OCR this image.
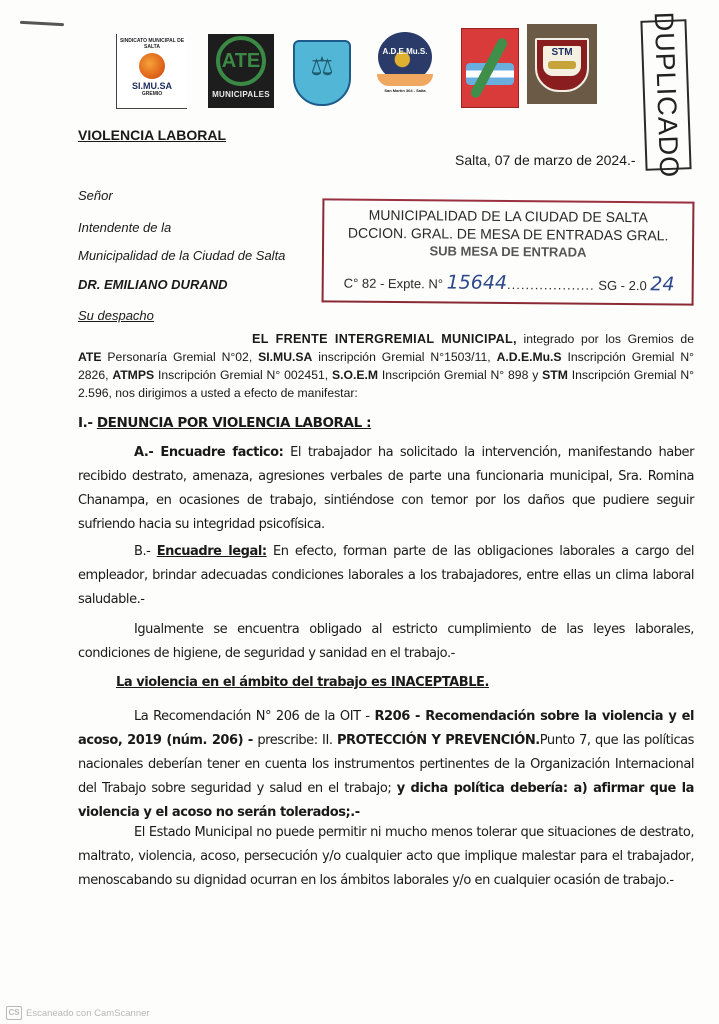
SINDICATO MUNICIPAL DE SALTA
SI.MU.SA
GREMIO
ATE
MUNICIPALES
⚖
A.D.E.Mu.S.
San Martín 364 - Salta
STM	DUPLICADO
VIOLENCIA LABORAL
Salta, 07 de marzo de 2024.-
Señor
Intendente de la
Municipalidad de la Ciudad de Salta
DR. EMILIANO DURAND
Su despacho
MUNICIPALIDAD DE LA CIUDAD DE SALTA
DCCION. GRAL. DE MESA DE ENTRADAS GRAL.
SUB MESA DE ENTRADA
C° 82 - Expte. N° 15644................... SG - 2.0 24
EL FRENTE INTERGREMIAL MUNICIPAL, integrado por los Gremios de ATE Personaría Gremial N°02, SI.MU.SA inscripción Gremial N°1503/11, A.D.E.Mu.S Inscripción Gremial N° 2826, ATMPS Inscripción Gremial N° 002451, S.O.E.M Inscripción Gremial N° 898 y STM Inscripción Gremial N° 2.596, nos dirigimos a usted a efecto de manifestar:
I.- DENUNCIA POR VIOLENCIA LABORAL :
A.- Encuadre factico: El trabajador ha solicitado la intervención, manifestando haber recibido destrato, amenaza, agresiones verbales de parte una funcionaria municipal, Sra. Romina Chanampa, en ocasiones de trabajo, sintiéndose con temor por los daños que pudiere seguir sufriendo hacia su integridad psicofísica.
B.- Encuadre legal: En efecto, forman parte de las obligaciones laborales a cargo del empleador, brindar adecuadas condiciones laborales a los trabajadores, entre ellas un clima laboral saludable.-
Igualmente se encuentra obligado al estricto cumplimiento de las leyes laborales, condiciones de higiene, de seguridad y sanidad en el trabajo.-
La violencia en el ámbito del trabajo es INACEPTABLE.
La Recomendación N° 206 de la OIT - R206 - Recomendación sobre la violencia y el acoso, 2019 (núm. 206) - prescribe: II. PROTECCIÓN Y PREVENCIÓN.Punto 7, que las políticas nacionales deberían tener en cuenta los instrumentos pertinentes de la Organización Internacional del Trabajo sobre seguridad y salud en el trabajo; y dicha política debería: a) afirmar que la violencia y el acoso no serán tolerados;.-
El Estado Municipal no puede permitir ni mucho menos tolerar que situaciones de destrato, maltrato, violencia, acoso, persecución y/o cualquier acto que implique malestar para el trabajador, menoscabando su dignidad ocurran en los ámbitos laborales y/o en cualquier ocasión de trabajo.-
CS Escaneado con CamScanner
